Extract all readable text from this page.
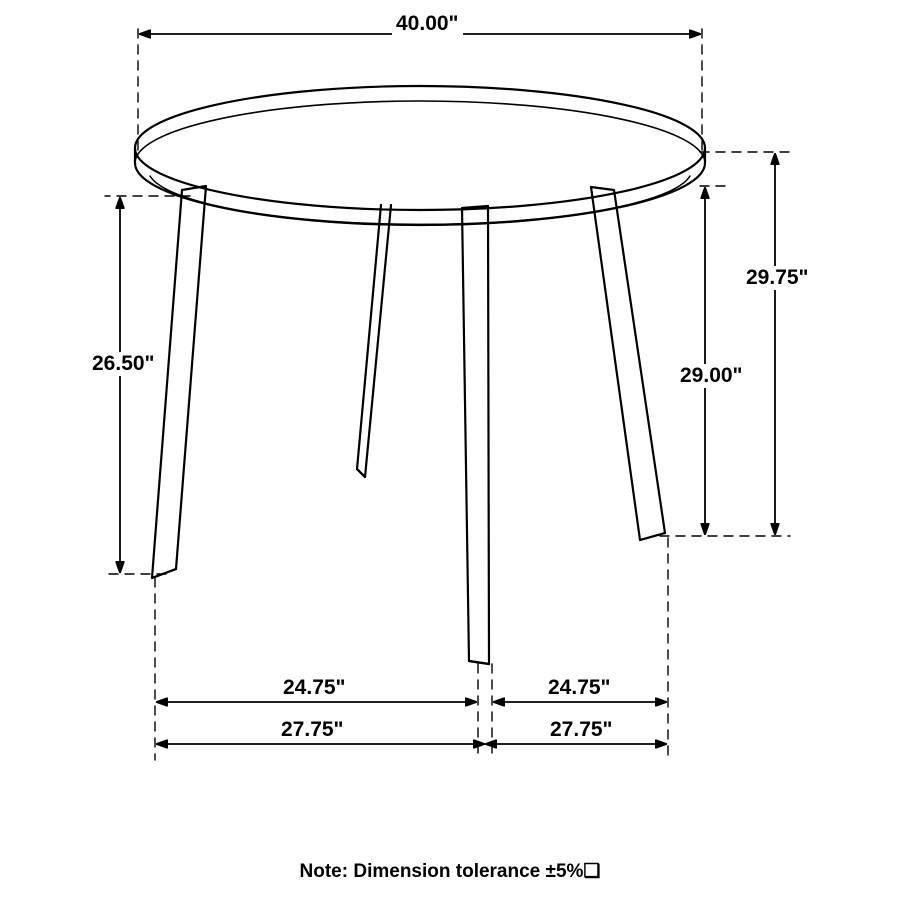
40.00"
29.75"
29.00"
26.50"
24.75"	24.75"
27.75"	27.75"
Note: Dimension tolerance ±5%❑
